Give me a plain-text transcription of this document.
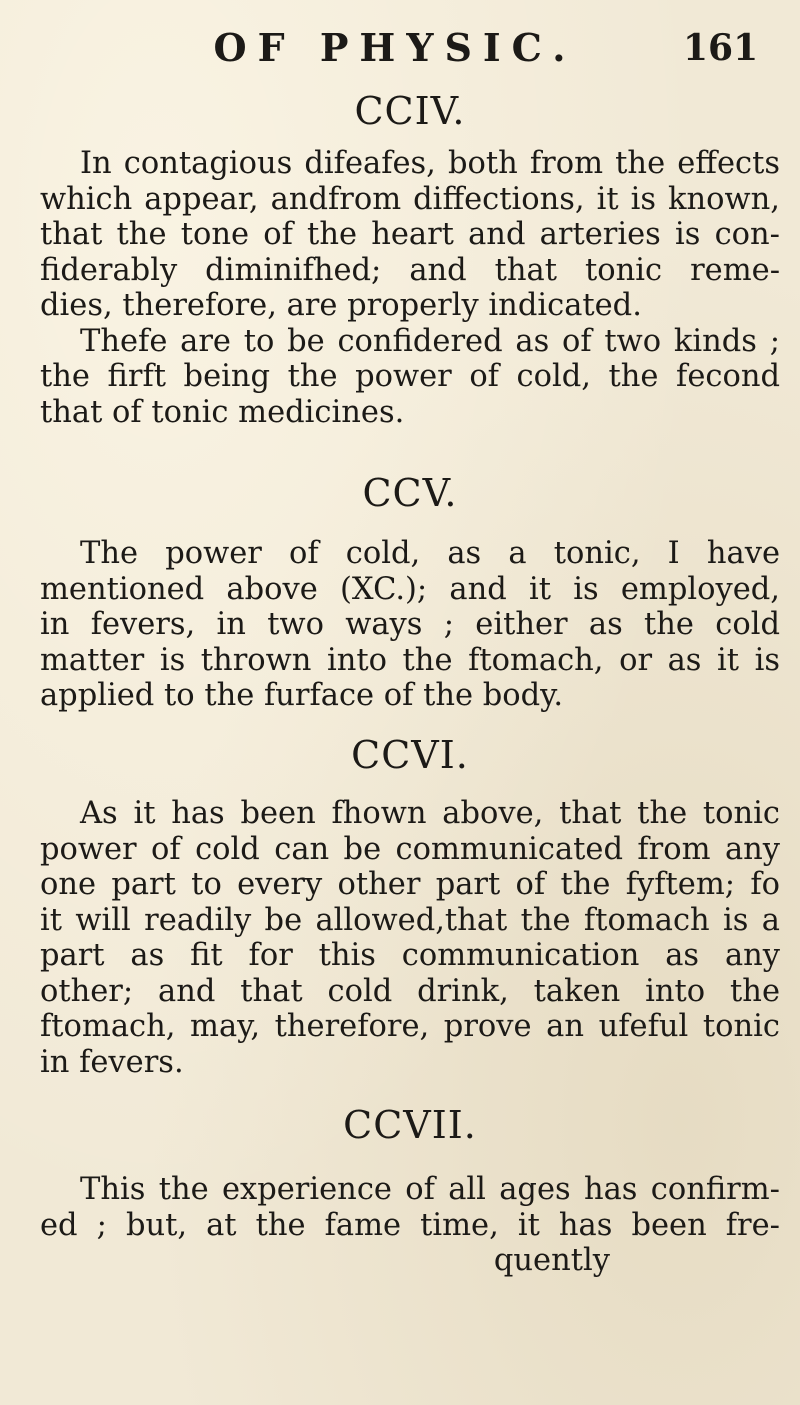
OF PHYSIC.	161
CCIV.
In contagious difeafes, both from the effects
which appear, andfrom diffections, it is known,
that the tone of the heart and arteries is con-
fiderably diminifhed; and that tonic reme-
dies, therefore, are properly indicated.
Thefe are to be confidered as of two kinds ;
the firft being the power of cold, the fecond
that of tonic medicines.
CCV.
The power of cold, as a tonic, I have
mentioned above (XC.); and it is employed,
in fevers, in two ways ; either as the cold
matter is thrown into the ftomach, or as it is
applied to the furface of the body.
CCVI.
As it has been fhown above, that the tonic
power of cold can be communicated from any
one part to every other part of the fyftem; fo
it will readily be allowed,that the ftomach is a
part as fit for this communication as any
other; and that cold drink, taken into the
ftomach, may, therefore, prove an ufeful tonic
in fevers.
CCVII.
This the experience of all ages has confirm-
ed ; but, at the fame time, it has been fre-
quently
